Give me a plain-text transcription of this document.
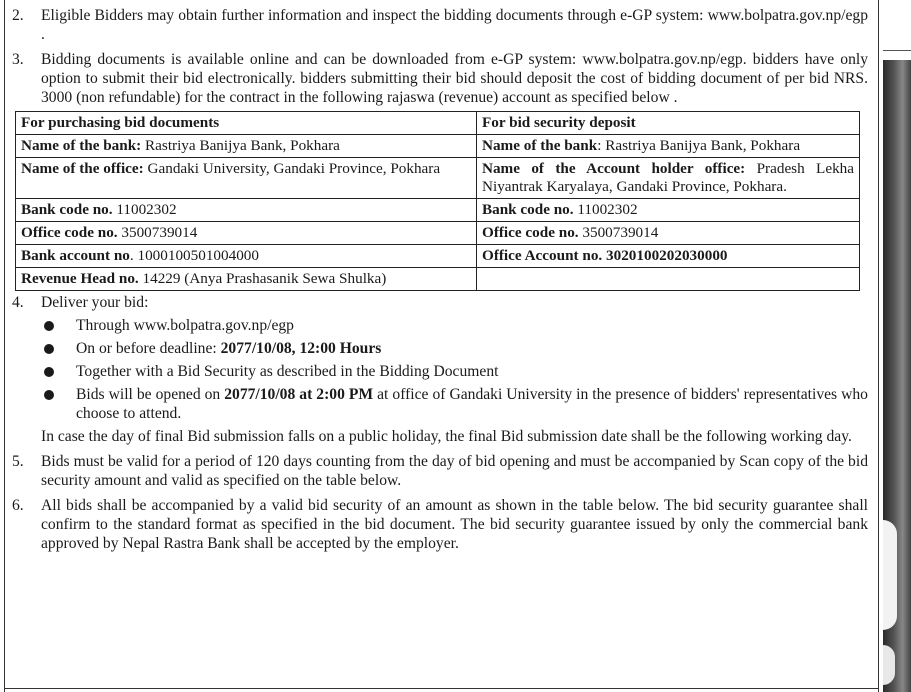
2. Eligible Bidders may obtain further information and inspect the bidding documents through e-GP system: www.bolpatra.gov.np/egp .
3. Bidding documents is available online and can be downloaded from e-GP system: www.bolpatra.gov.np/egp. bidders have only option to submit their bid electronically. bidders submitting their bid should deposit the cost of bidding document of per bid NRS. 3000 (non refundable) for the contract in the following rajaswa (revenue) account as specified below .
For purchasing bid documents	For bid security deposit
Name of the bank: Rastriya Banijya Bank, Pokhara	Name of the bank: Rastriya Banijya Bank, Pokhara
Name of the office: Gandaki University, Gandaki Province, Pokhara	Name of the Account holder office: Pradesh Lekha Niyantrak Karyalaya, Gandaki Province, Pokhara.
Bank code no. 11002302	Bank code no. 11002302
Office code no. 3500739014	Office code no. 3500739014
Bank account no. 1000100501004000	Office Account no. 3020100202030000
Revenue Head no. 14229 (Anya Prashasanik Sewa Shulka)	
4. Deliver your bid:
Through www.bolpatra.gov.np/egp
On or before deadline: 2077/10/08, 12:00 Hours
Together with a Bid Security as described in the Bidding Document
Bids will be opened on 2077/10/08 at 2:00 PM at office of Gandaki University in the presence of bidders' representatives who choose to attend.
In case the day of final Bid submission falls on a public holiday, the final Bid submission date shall be the following working day.
5. Bids must be valid for a period of 120 days counting from the day of bid opening and must be accompanied by Scan copy of the bid security amount and valid as specified on the table below.
6. All bids shall be accompanied by a valid bid security of an amount as shown in the table below. The bid security guarantee shall confirm to the standard format as specified in the bid document. The bid security guarantee issued by only the commercial bank approved by Nepal Rastra Bank shall be accepted by the employer.
